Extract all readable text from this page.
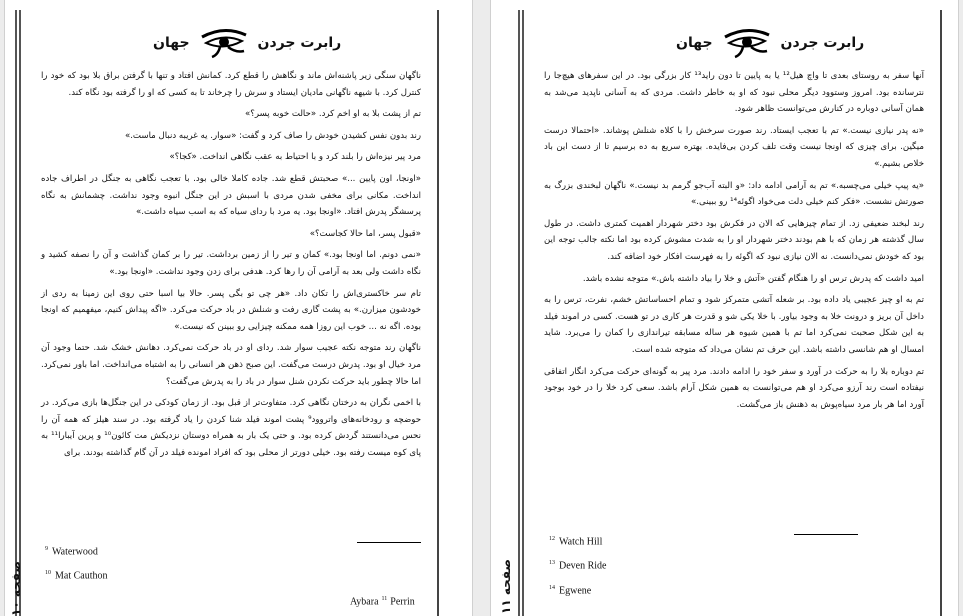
جهان	رابرت جردن

ناگهان سنگی زیر پاشنه‌اش ماند و نگاهش را قطع کرد. کمانش افتاد و تنها با گرفتن براق بلا بود که خود را کنترل کرد. با شیهه ناگهانی مادیان ایستاد و سرش را چرخاند تا به کسی که او را گرفته بود نگاه کند.

تم از پشت بلا به او اخم کرد. «حالت خوبه پسر؟»

رند بدون نفس کشیدن خودش را صاف کرد و گفت: «سوار. یه غریبه دنبال ماست.»

مرد پیر نیزه‌اش را بلند کرد و با احتیاط به عقب نگاهی انداخت. «کجا؟»

«اونجا، اون پایین ...» صحبتش قطع شد. جاده کاملا خالی بود. با تعجب نگاهی به جنگل در اطراف جاده انداخت. مکانی برای مخفی شدن مردی با اسبش در این جنگل انبوه وجود نداشت. چشمانش به نگاه پرسشگر پدرش افتاد. «اونجا بود. یه مرد با ردای سیاه که به اسب سیاه داشت.»

«قبول پسر، اما حالا کجاست؟»

«نمی دونم. اما اونجا بود.» کمان و تیر را از زمین برداشت. تیر را بر کمان گذاشت و آن را نصفه کشید و نگاه داشت ولی بعد به آرامی آن را رها کرد. هدفی برای زدن وجود نداشت. «اونجا بود.»

تام سر خاکستری‌اش را تکان داد. «هر چی تو بگی پسر. حالا بیا اسبا حتی روی این زمینا به ردی از خودشون میزارن.» به پشت گاری رفت و شنلش در باد حرکت می‌کرد. «اگه پیداش کنیم، میفهمیم که اونجا بوده. اگه نه ... خوب این روزا همه ممکنه چیزایی رو ببینن که نیست.»

ناگهان رند متوجه نکته عجیب سوار شد. ردای او در باد حرکت نمی‌کرد. دهانش خشک شد. حتما وجود آن مرد خیال او بود. پدرش درست می‌گفت. این صبح ذهن هر انسانی را به اشتباه می‌انداخت. اما باور نمی‌کرد. اما حالا چطور باید حرکت نکردن شنل سوار در باد را به پدرش می‌گفت؟

با اخمی نگران به درختان نگاهی کرد. متفاوت‌تر از قبل بود. از زمان کودکی در این جنگل‌ها بازی می‌کرد. در حوضچه و رودخانه‌های واتروود⁹ پشت اموند فیلد شنا کردن را یاد گرفته بود. در سند هیلز که همه آن را نحس می‌دانستند گردش کرده بود. و حتی یک بار به همراه دوستان نزدیکش مت کائون¹⁰ و پرین آیبارا¹¹ به پای کوه میست رفته بود. خیلی دورتر از محلی بود که افراد امونده فیلد در آن گام گذاشته بودند. برای

$^9$ Waterwood
$^{10}$ Mat Cauthon
Aybara $^{11}$ Perrin
صفحه ۱٠
جهان	رابرت جردن

آنها سفر به روستای بعدی تا واچ هیل¹² یا به پایین تا دون راید¹³ کار بزرگی بود. در این سفرهای هیچ‌جا را نترسانده بود. امروز وستوود دیگر محلی نبود که او به خاطر داشت. مردی که به آسانی ناپدید می‌شد به همان آسانی دوباره در کنارش می‌توانست ظاهر شود.

«نه پدر نیازی نیست.» تم با تعجب ایستاد. رند صورت سرخش را با کلاه شنلش پوشاند. «احتمالا درست میگین. برای چیزی که اونجا نیست وقت تلف کردن بی‌فایده. بهتره سریع به ده برسیم تا از دست این باد خلاص بشیم.»

«یه پیپ خیلی می‌چسبه.» تم به آرامی ادامه داد: «و البته آب‌جو گرمم بد نیست.» ناگهان لبخندی بزرگ به صورتش نشست. «فکر کنم خیلی دلت می‌خواد اگوئه¹⁴ رو ببینی.»

رند لبخند ضعیفی زد. از تمام چیزهایی که الان در فکرش بود دختر شهردار اهمیت کمتری داشت. در طول سال گذشته هر زمان که با هم بودند دختر شهردار او را به شدت مشوش کرده بود اما نکته جالب توجه این بود که خودش نمی‌دانست. نه الان نیازی نبود که اگوئه را به فهرست افکار خود اضافه کند.

امید داشت که پدرش ترس او را هنگام گفتن «آتش و خلا را بیاد داشته باش.» متوجه نشده باشد.

تم به او چیز عجیبی یاد داده بود. بر شعله آتشی متمرکز شود و تمام احساساتش خشم، نفرت، ترس را به داخل آن بریز و درونت خلا به وجود بیاور. با خلا یکی شو و قدرت هر کاری در تو هست. کسی در اموند فیلد به این شکل صحبت نمی‌کرد اما تم با همین شیوه هر ساله مسابقه تیراندازی را کمان را می‌برد. شاید امسال او هم شانسی داشته باشد. این حرف تم نشان می‌داد که متوجه شده است.

تم دوباره بلا را به حرکت در آورد و سفر خود را ادامه دادند. مرد پیر به گونه‌ای حرکت می‌کرد انگار اتفاقی نیفتاده است رند آرزو می‌کرد او هم می‌توانست به همین شکل آرام باشد. سعی کرد خلا را در خود بوجود آورد اما هر بار مرد سیاه‌پوش به ذهنش باز می‌گشت.

$^{12}$ Watch Hill
$^{13}$ Deven Ride
$^{14}$ Egwene
صفحه ۱۱
